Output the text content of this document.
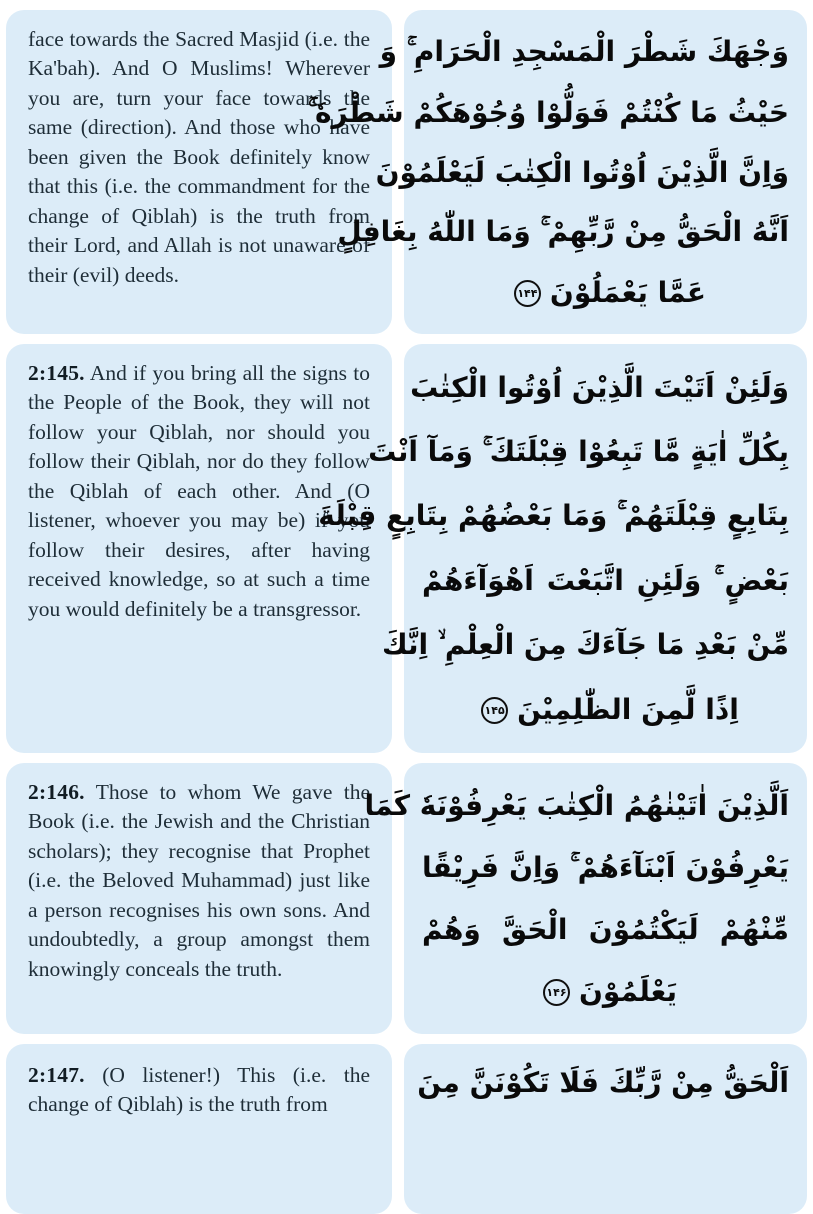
face towards the Sacred Masjid (i.e. the Ka'bah). And O Muslims! Wherever you are, turn your face towards the same (direction). And those who have been given the Book definitely know that this (i.e. the commandment for the change of Qiblah) is the truth from their Lord, and Allah is not unaware of their (evil) deeds.

وَجْهَكَ شَطْرَ الْمَسْجِدِ الْحَرَامِ ۚ وَ
حَيْثُ مَا كُنْتُمْ فَوَلُّوْا وُجُوْهَكُمْ شَطْرَهٗ ۚ
وَاِنَّ الَّذِيْنَ اُوْتُوا الْكِتٰبَ لَيَعْلَمُوْنَ
اَنَّهُ الْحَقُّ مِنْ رَّبِّهِمْ ۚ وَمَا اللّٰهُ بِغَافِلٍ
عَمَّا يَعْمَلُوْنَ۱۴۴

2:145. And if you bring all the signs to the People of the Book, they will not follow your Qiblah, nor should you follow their Qiblah, nor do they follow the Qiblah of each other. And (O listener, whoever you may be) if you follow their desires, after having received knowledge, so at such a time you would definitely be a transgressor.

وَلَئِنْ اَتَيْتَ الَّذِيْنَ اُوْتُوا الْكِتٰبَ
بِكُلِّ اٰيَةٍ مَّا تَبِعُوْا قِبْلَتَكَ ۚ وَمَآ اَنْتَ
بِتَابِعٍ قِبْلَتَهُمْ ۚ وَمَا بَعْضُهُمْ بِتَابِعٍ قِبْلَةَ
بَعْضٍ ۚ وَلَئِنِ اتَّبَعْتَ اَهْوَآءَهُمْ
مِّنْ بَعْدِ مَا جَآءَكَ مِنَ الْعِلْمِ ۙ اِنَّكَ
اِذًا لَّمِنَ الظّٰلِمِيْنَ۱۴۵

2:146. Those to whom We gave the Book (i.e. the Jewish and the Christian scholars); they recognise that Prophet (i.e. the Beloved Muhammad) just like a person recognises his own sons. And undoubtedly, a group amongst them knowingly conceals the truth.

اَلَّذِيْنَ اٰتَيْنٰهُمُ الْكِتٰبَ يَعْرِفُوْنَهٗ كَمَا
يَعْرِفُوْنَ اَبْنَآءَهُمْ ۚ وَاِنَّ فَرِيْقًا
مِّنْهُمْ لَيَكْتُمُوْنَ الْحَقَّ وَهُمْ
يَعْلَمُوْنَ۱۴۶

2:147. (O listener!) This (i.e. the change of Qiblah) is the truth from

اَلْحَقُّ مِنْ رَّبِّكَ فَلَا تَكُوْنَنَّ مِنَ
